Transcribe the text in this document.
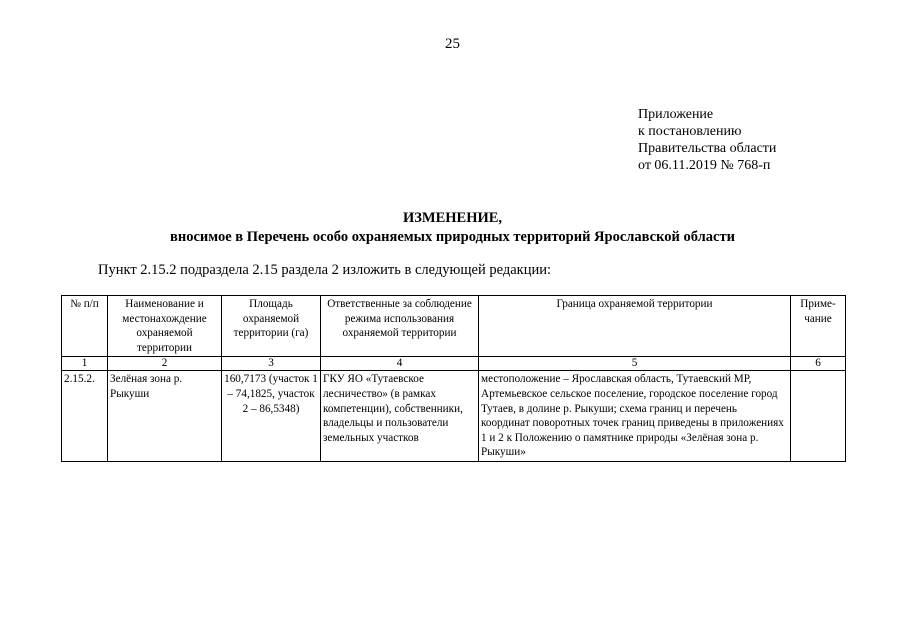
25
Приложение
к постановлению
Правительства области
от 06.11.2019 № 768-п
ИЗМЕНЕНИЕ,
вносимое в Перечень особо охраняемых природных территорий Ярославской области
Пункт 2.15.2 подраздела 2.15 раздела 2 изложить в следующей редакции:
№ п/п	Наименование и местонахождение охраняемой территории	Площадь охраняемой территории (га)	Ответственные за соблюдение режима использования охраняемой территории	Граница охраняемой территории	Приме-чание
1	2	3	4	5	6
2.15.2.	Зелёная зона р. Рыкуши	160,7173 (участок 1 – 74,1825, участок 2 – 86,5348)	ГКУ ЯО «Тутаевское лесничество» (в рамках компетенции), собственники, владельцы и пользователи земельных участков	местоположение – Ярославская область, Тутаевский МР, Артемьевское сельское поселение, городское поселение город Тутаев, в долине р. Рыкуши; схема границ и перечень координат поворотных точек границ приведены в приложениях 1 и 2 к Положению о памятнике природы «Зелёная зона р. Рыкуши»	
